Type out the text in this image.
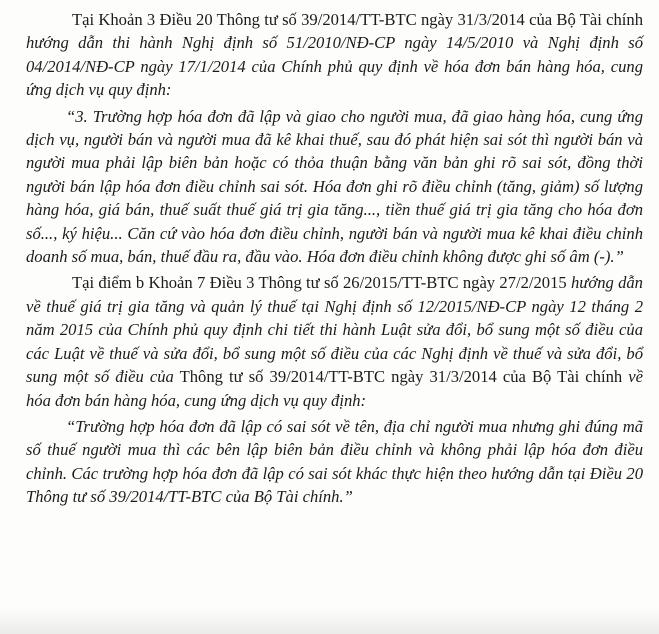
Tại Khoản 3 Điều 20 Thông tư số 39/2014/TT-BTC ngày 31/3/2014 của Bộ Tài chính hướng dẫn thi hành Nghị định số 51/2010/NĐ-CP ngày 14/5/2010 và Nghị định số 04/2014/NĐ-CP ngày 17/1/2014 của Chính phủ quy định về hóa đơn bán hàng hóa, cung ứng dịch vụ quy định:

“3. Trường hợp hóa đơn đã lập và giao cho người mua, đã giao hàng hóa, cung ứng dịch vụ, người bán và người mua đã kê khai thuế, sau đó phát hiện sai sót thì người bán và người mua phải lập biên bản hoặc có thỏa thuận bằng văn bản ghi rõ sai sót, đồng thời người bán lập hóa đơn điều chỉnh sai sót. Hóa đơn ghi rõ điều chỉnh (tăng, giảm) số lượng hàng hóa, giá bán, thuế suất thuế giá trị gia tăng..., tiền thuế giá trị gia tăng cho hóa đơn số..., ký hiệu... Căn cứ vào hóa đơn điều chỉnh, người bán và người mua kê khai điều chỉnh doanh số mua, bán, thuế đầu ra, đầu vào. Hóa đơn điều chỉnh không được ghi số âm (-).”

Tại điểm b Khoản 7 Điều 3 Thông tư số 26/2015/TT-BTC ngày 27/2/2015 hướng dẫn về thuế giá trị gia tăng và quản lý thuế tại Nghị định số 12/2015/NĐ-CP ngày 12 tháng 2 năm 2015 của Chính phủ quy định chi tiết thi hành Luật sửa đổi, bổ sung một số điều của các Luật về thuế và sửa đổi, bổ sung một số điều của các Nghị định về thuế và sửa đổi, bổ sung một số điều của Thông tư số 39/2014/TT-BTC ngày 31/3/2014 của Bộ Tài chính về hóa đơn bán hàng hóa, cung ứng dịch vụ quy định:

“Trường hợp hóa đơn đã lập có sai sót về tên, địa chỉ người mua nhưng ghi đúng mã số thuế người mua thì các bên lập biên bản điều chỉnh và không phải lập hóa đơn điều chỉnh. Các trường hợp hóa đơn đã lập có sai sót khác thực hiện theo hướng dẫn tại Điều 20 Thông tư số 39/2014/TT-BTC của Bộ Tài chính.”
